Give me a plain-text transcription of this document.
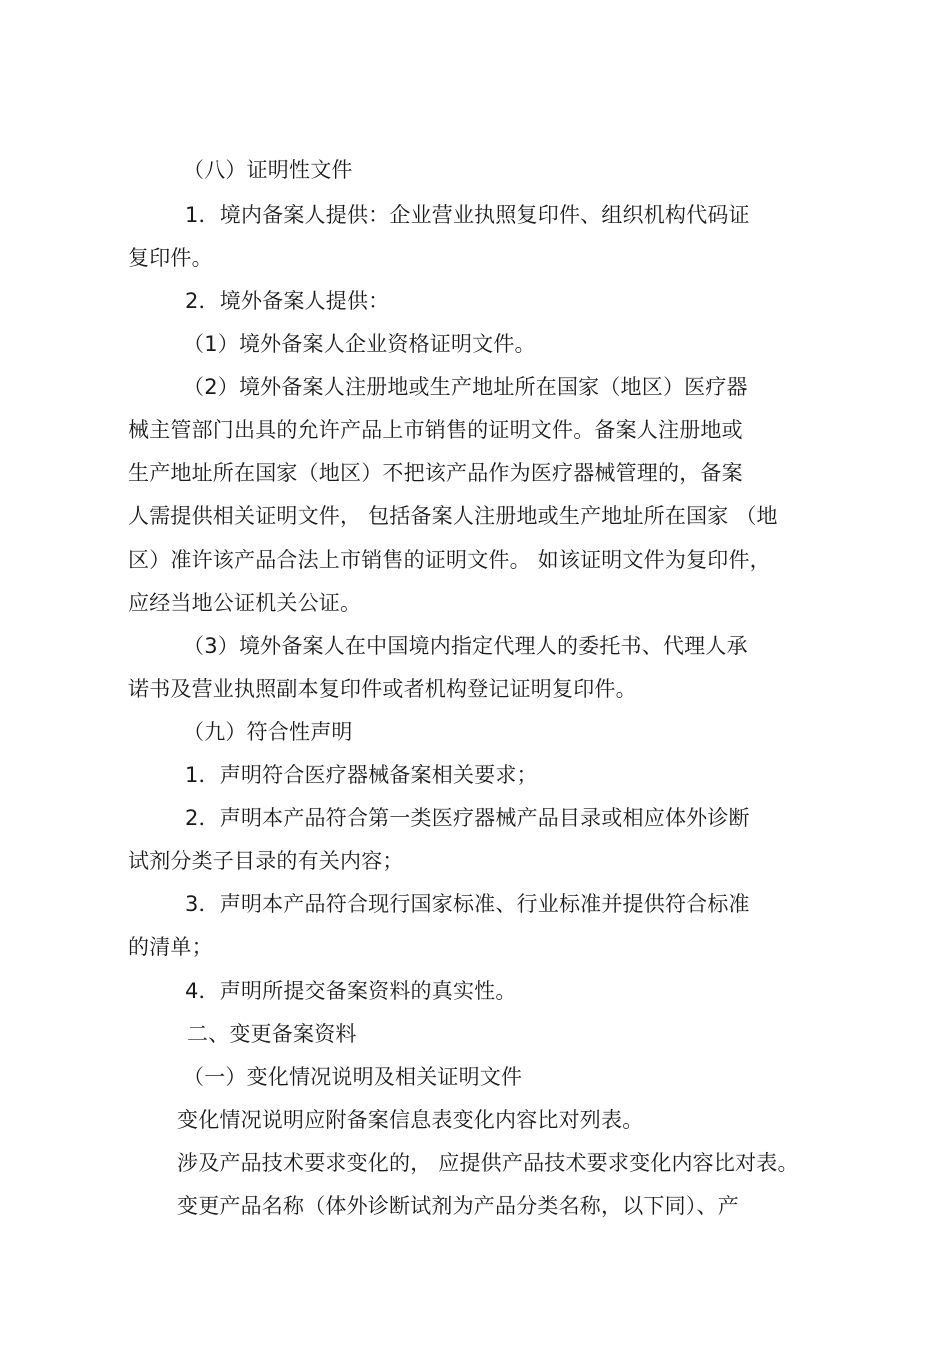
（八）证明性文件
1．境内备案人提供：企业营业执照复印件、组织机构代码证
复印件。
2．境外备案人提供：
（1）境外备案人企业资格证明文件。
（2）境外备案人注册地或生产地址所在国家（地区）医疗器
械主管部门出具的允许产品上市销售的证明文件。备案人注册地或
生产地址所在国家（地区）不把该产品作为医疗器械管理的，备案
人需提供相关证明文件， 包括备案人注册地或生产地址所在国家 （地
区）准许该产品合法上市销售的证明文件。 如该证明文件为复印件，
应经当地公证机关公证。
（3）境外备案人在中国境内指定代理人的委托书、代理人承
诺书及营业执照副本复印件或者机构登记证明复印件。
（九）符合性声明
1．声明符合医疗器械备案相关要求；
2．声明本产品符合第一类医疗器械产品目录或相应体外诊断
试剂分类子目录的有关内容；
3．声明本产品符合现行国家标准、行业标准并提供符合标准
的清单；
4．声明所提交备案资料的真实性。
二、变更备案资料
（一）变化情况说明及相关证明文件
变化情况说明应附备案信息表变化内容比对列表。
涉及产品技术要求变化的， 应提供产品技术要求变化内容比对表。
变更产品名称（体外诊断试剂为产品分类名称，以下同）、产
